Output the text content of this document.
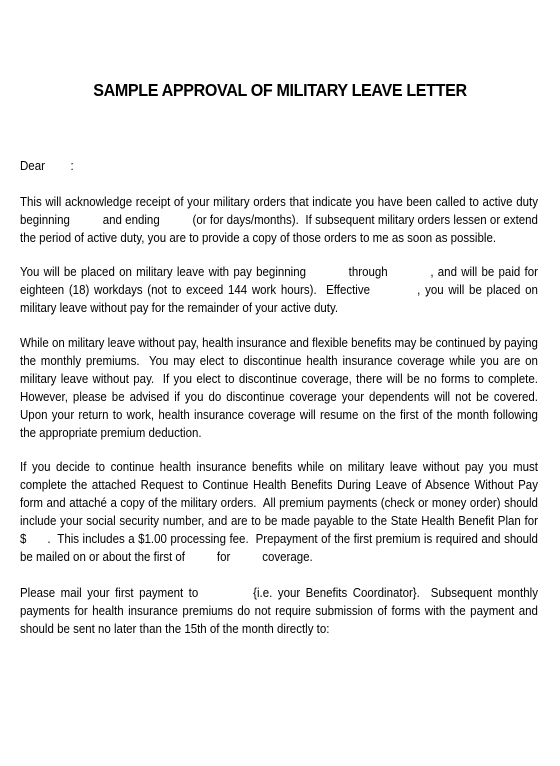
SAMPLE APPROVAL OF MILITARY LEAVE LETTER
Dear        :
This will acknowledge receipt of your military orders that indicate you have been called to active duty beginning          and ending          (or for days/months).  If subsequent military orders lessen or extend the period of active duty, you are to provide a copy of those orders to me as soon as possible.
You will be placed on military leave with pay beginning          through          , and will be paid for eighteen (18) workdays (not to exceed 144 work hours).  Effective          , you will be placed on military leave without pay for the remainder of your active duty.
While on military leave without pay, health insurance and flexible benefits may be continued by paying the monthly premiums.  You may elect to discontinue health insurance coverage while you are on military leave without pay.  If you elect to discontinue coverage, there will be no forms to complete.  However, please be advised if you do discontinue coverage your dependents will not be covered.  Upon your return to work, health insurance coverage will resume on the first of the month following the appropriate premium deduction.
If you decide to continue health insurance benefits while on military leave without pay you must complete the attached Request to Continue Health Benefits During Leave of Absence Without Pay form and attaché a copy of the military orders.  All premium payments (check or money order) should include your social security number, and are to be made payable to the State Health Benefit Plan for $      .  This includes a $1.00 processing fee.  Prepayment of the first premium is required and should be mailed on or about the first of          for          coverage.
Please mail your first payment to          {i.e. your Benefits Coordinator}.  Subsequent monthly payments for health insurance premiums do not require submission of forms with the payment and should be sent no later than the 15th of the month directly to:
